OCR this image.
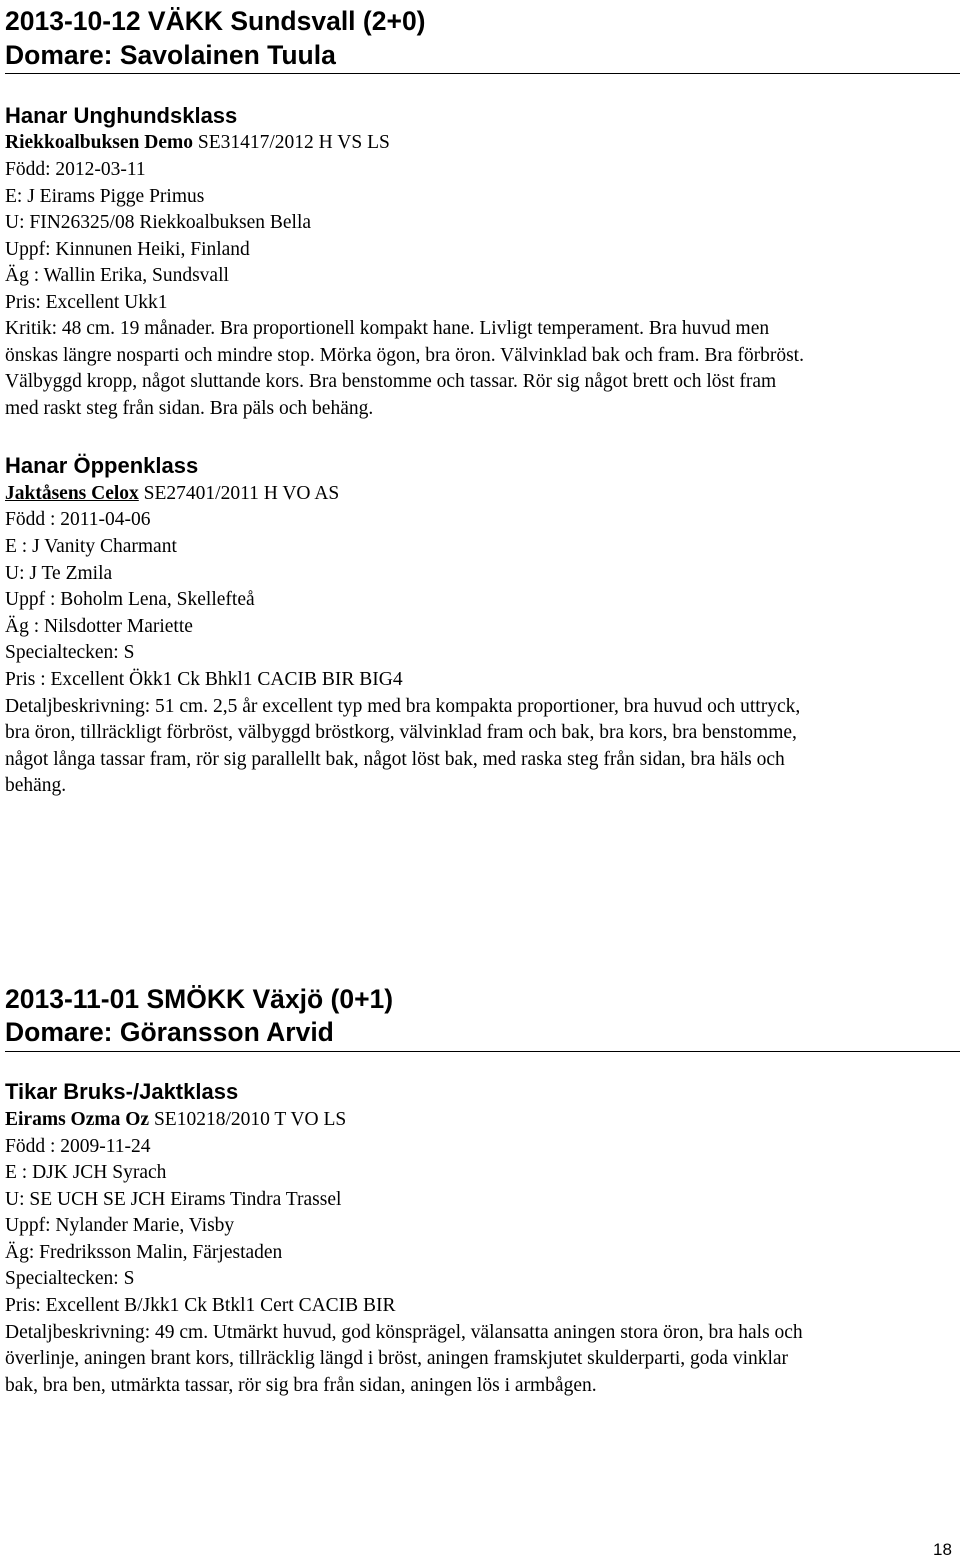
2013-10-12 VÄKK Sundsvall (2+0)
Domare: Savolainen Tuula
Hanar Unghundsklass
Riekkoalbuksen Demo SE31417/2012 H VS LS
Född: 2012-03-11
E: J Eirams Pigge Primus
U: FIN26325/08 Riekkoalbuksen Bella
Uppf: Kinnunen Heiki, Finland
Äg : Wallin Erika, Sundsvall
Pris: Excellent Ukk1
Kritik: 48 cm. 19 månader. Bra proportionell kompakt hane. Livligt temperament. Bra huvud men
önskas längre nosparti och mindre stop. Mörka ögon, bra öron. Välvinklad bak och fram. Bra förbröst.
Välbyggd kropp, något sluttande kors. Bra benstomme och tassar. Rör sig något brett och löst fram
med raskt steg från sidan. Bra päls och behäng.
Hanar Öppenklass
Jaktåsens Celox SE27401/2011 H VO AS
Född : 2011-04-06
E : J Vanity Charmant
U: J Te Zmila
Uppf : Boholm Lena, Skellefteå
Äg : Nilsdotter Mariette
Specialtecken: S
Pris : Excellent Ökk1 Ck Bhkl1 CACIB BIR BIG4
Detaljbeskrivning: 51 cm. 2,5 år excellent typ med bra kompakta proportioner, bra huvud och uttryck,
bra öron, tillräckligt förbröst, välbyggd bröstkorg, välvinklad fram och bak, bra kors, bra benstomme,
något långa tassar fram, rör sig parallellt bak, något löst bak, med raska steg från sidan, bra häls och
behäng.
2013-11-01 SMÖKK Växjö (0+1)
Domare: Göransson Arvid
Tikar Bruks-/Jaktklass
Eirams Ozma Oz SE10218/2010 T VO LS
Född : 2009-11-24
E : DJK JCH Syrach
U: SE UCH SE JCH Eirams Tindra Trassel
Uppf: Nylander Marie, Visby
Äg: Fredriksson Malin, Färjestaden
Specialtecken: S
Pris: Excellent B/Jkk1 Ck Btkl1 Cert CACIB BIR
Detaljbeskrivning: 49 cm. Utmärkt huvud, god könsprägel, välansatta aningen stora öron, bra hals och
överlinje, aningen brant kors, tillräcklig längd i bröst, aningen framskjutet skulderparti, goda vinklar
bak, bra ben, utmärkta tassar, rör sig bra från sidan, aningen lös i armbågen.
18
